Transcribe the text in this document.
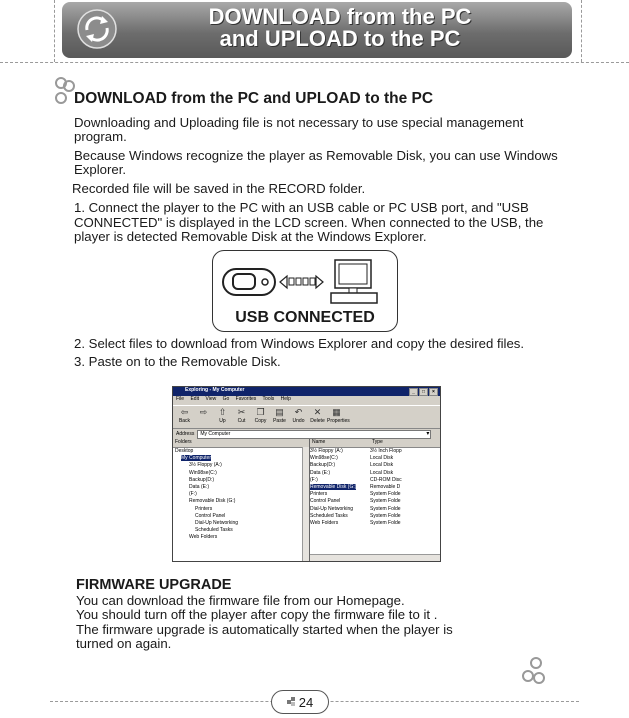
DOWNLOAD from the PC
and UPLOAD to the PC
DOWNLOAD from the PC and UPLOAD to the PC

Downloading and Uploading file is not necessary to use special management program.

Because Windows recognize the player as Removable Disk, you can use Windows Explorer.

Recorded file will be saved in the RECORD folder.

1. Connect the player to the PC with an USB cable or PC USB port, and "USB CONNECTED" is displayed in the LCD screen. When connected to the USB, the player is detected Removable Disk at the Windows Explorer.

USB CONNECTED

2. Select files to download from Windows Explorer and copy the desired files.

3. Paste on to the Removable Disk.

Exploring - My Computer	_ □ ×
File Edit View Go Favorites Tools Help
⇦
Back
⇨	⇧
Up
✂
Cut
❐
Copy
▤
Paste
↶
Undo
✕
Delete
▦
Properties
Address	My Computer ▾
Folders
Desktop
My Computer
3½ Floppy (A:)
Win98se(C:)
Backup(D:)
Data (E:)
(F:)
Removable Disk (G:)
Printers
Control Panel
Dial-Up Networking
Scheduled Tasks
Web Folders
Name	Type
3½ Floppy (A:)	3½ Inch Flopp
Win98se(C:)	Local Disk
Backup(D:)	Local Disk
Data (E:)	Local Disk
(F:)	CD-ROM Disc
Removable Disk (G:)	Removable D
Printers	System Folde
Control Panel	System Folde
Dial-Up Networking	System Folde
Scheduled Tasks	System Folde
Web Folders	System Folde
FIRMWARE UPGRADE

You can download the firmware file from our Homepage.

You should turn off the player after copy the firmware file to it .

The firmware upgrade is automatically started when the player is

turned on again.

24
